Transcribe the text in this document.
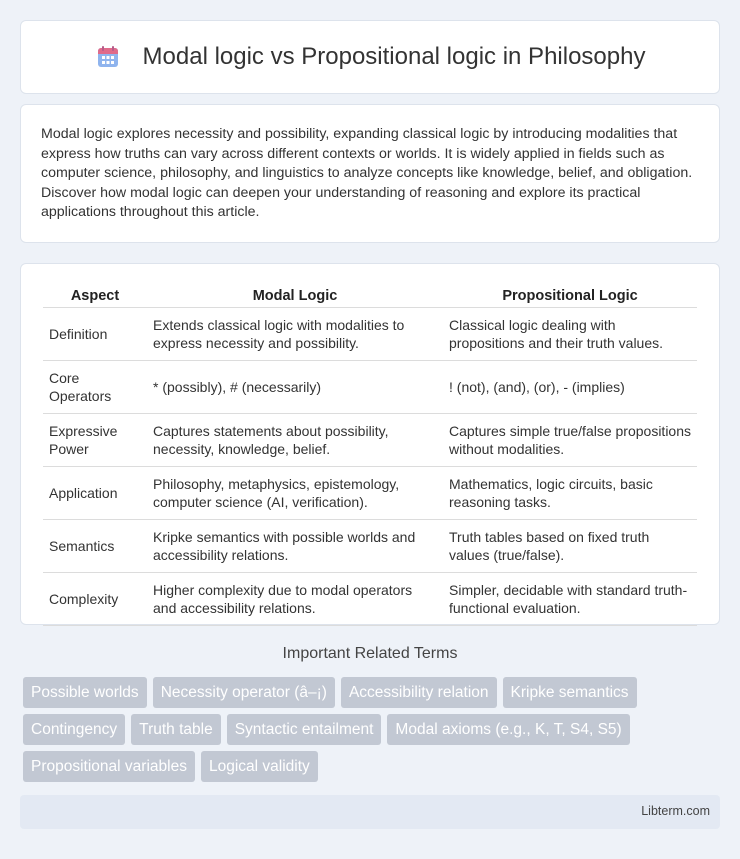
Modal logic vs Propositional logic in Philosophy

Modal logic explores necessity and possibility, expanding classical logic by introducing modalities that express how truths can vary across different contexts or worlds. It is widely applied in fields such as computer science, philosophy, and linguistics to analyze concepts like knowledge, belief, and obligation. Discover how modal logic can deepen your understanding of reasoning and explore its practical applications throughout this article.

Aspect	Modal Logic	Propositional Logic
Definition	Extends classical logic with modalities to express necessity and possibility.	Classical logic dealing with propositions and their truth values.
Core Operators	* (possibly), # (necessarily)	! (not), (and), (or), - (implies)
Expressive Power	Captures statements about possibility, necessity, knowledge, belief.	Captures simple true/false propositions without modalities.
Application	Philosophy, metaphysics, epistemology, computer science (AI, verification).	Mathematics, logic circuits, basic reasoning tasks.
Semantics	Kripke semantics with possible worlds and accessibility relations.	Truth tables based on fixed truth values (true/false).
Complexity	Higher complexity due to modal operators and accessibility relations.	Simpler, decidable with standard truth-functional evaluation.
Important Related Terms
Possible worlds	Necessity operator (â–¡)	Accessibility relation	Kripke semantics
Contingency	Truth table	Syntactic entailment	Modal axioms (e.g., K, T, S4, S5)
Propositional variables	Logical validity
Libterm.com
